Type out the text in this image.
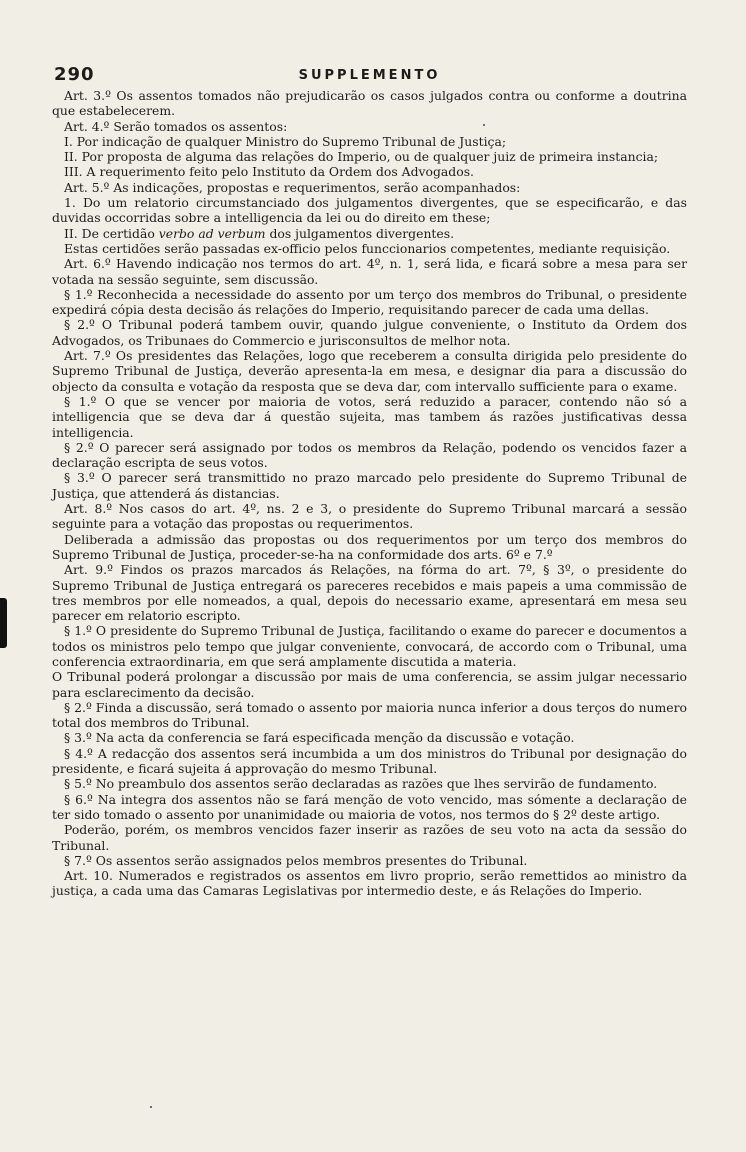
290	SUPPLEMENTO

Art. 3.º Os assentos tomados não prejudicarão os casos julgados contra ou conforme a doutrina que estabelecerem.

Art. 4.º Serão tomados os assentos:

I. Por indicação de qualquer Ministro do Supremo Tribunal de Justiça;

II. Por proposta de alguma das relações do Imperio, ou de qualquer juiz de primeira instancia;

III. A requerimento feito pelo Instituto da Ordem dos Advogados.

Art. 5.º As indicações, propostas e requerimentos, serão acompanhados:

1. Do um relatorio circumstanciado dos julgamentos divergentes, que se especificarão, e das duvidas occorridas sobre a intelligencia da lei ou do direito em these;

II. De certidão verbo ad verbum dos julgamentos divergentes.

Estas certidões serão passadas ex-officio pelos funccionarios competentes, mediante requisição.

Art. 6.º Havendo indicação nos termos do art. 4º, n. 1, será lida, e ficará sobre a mesa para ser votada na sessão seguinte, sem discussão.

§ 1.º Reconhecida a necessidade do assento por um terço dos membros do Tribunal, o presidente expedirá cópia desta decisão ás relações do Imperio, requisitando parecer de cada uma dellas.

§ 2.º O Tribunal poderá tambem ouvir, quando julgue conveniente, o Instituto da Ordem dos Advogados, os Tribunaes do Commercio e jurisconsultos de melhor nota.

Art. 7.º Os presidentes das Relações, logo que receberem a consulta dirigida pelo presidente do Supremo Tribunal de Justiça, deverão apresenta-la em mesa, e designar dia para a discussão do objecto da consulta e votação da resposta que se deva dar, com intervallo sufficiente para o exame.

§ 1.º O que se vencer por maioria de votos, será reduzido a paracer, contendo não só a intelligencia que se deva dar á questão sujeita, mas tambem ás razões justificativas dessa intelligencia.

§ 2.º O parecer será assignado por todos os membros da Relação, podendo os vencidos fazer a declaração escripta de seus votos.

§ 3.º O parecer será transmittido no prazo marcado pelo presidente do Supremo Tribunal de Justiça, que attenderá ás distancias.

Art. 8.º Nos casos do art. 4º, ns. 2 e 3, o presidente do Supremo Tribunal marcará a sessão seguinte para a votação das propostas ou requerimentos.

Deliberada a admissão das propostas ou dos requerimentos por um terço dos membros do Supremo Tribunal de Justiça, proceder-se-ha na conformidade dos arts. 6º e 7.º

Art. 9.º Findos os prazos marcados ás Relações, na fórma do art. 7º, § 3º, o presidente do Supremo Tribunal de Justiça entregará os pareceres recebidos e mais papeis a uma commissão de tres membros por elle nomeados, a qual, depois do necessario exame, apresentará em mesa seu parecer em relatorio escripto.

§ 1.º O presidente do Supremo Tribunal de Justiça, facilitando o exame do parecer e documentos a todos os ministros pelo tempo que julgar conveniente, convocará, de accordo com o Tribunal, uma conferencia extraordinaria, em que será amplamente discutida a materia.

O Tribunal poderá prolongar a discussão por mais de uma conferencia, se assim julgar necessario para esclarecimento da decisão.

§ 2.º Finda a discussão, será tomado o assento por maioria nunca inferior a dous terços do numero total dos membros do Tribunal.

§ 3.º Na acta da conferencia se fará especificada menção da discussão e votação.

§ 4.º A redacção dos assentos será incumbida a um dos ministros do Tribunal por designação do presidente, e ficará sujeita á approvação do mesmo Tribunal.

§ 5.º No preambulo dos assentos serão declaradas as razões que lhes servirão de fundamento.

§ 6.º Na integra dos assentos não se fará menção de voto vencido, mas sómente a declaração de ter sido tomado o assento por unanimidade ou maioria de votos, nos termos do § 2º deste artigo.

Poderão, porém, os membros vencidos fazer inserir as razões de seu voto na acta da sessão do Tribunal.

§ 7.º Os assentos serão assignados pelos membros presentes do Tribunal.

Art. 10. Numerados e registrados os assentos em livro proprio, serão remettidos ao ministro da justiça, a cada uma das Camaras Legislativas por intermedio deste, e ás Relações do Imperio.
